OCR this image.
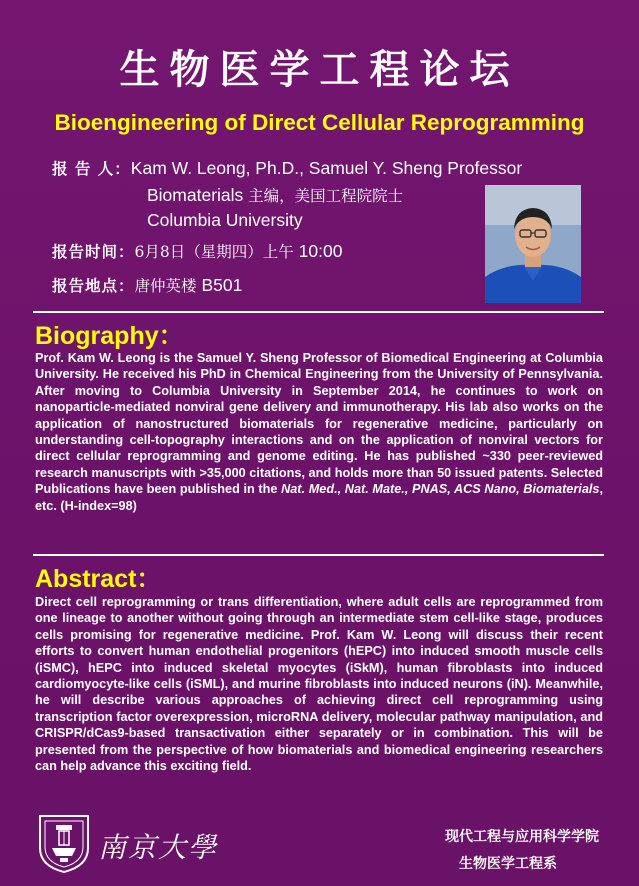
生物医学工程论坛
Bioengineering of Direct Cellular Reprogramming
报 告 人：Kam W. Leong, Ph.D., Samuel Y. Sheng Professor
Biomaterials 主编，美国工程院院士
Columbia University
报告时间：6月8日（星期四）上午 10:00
报告地点：唐仲英楼 B501
Biography：
Prof. Kam W. Leong is the Samuel Y. Sheng Professor of Biomedical Engineering at Columbia University. He received his PhD in Chemical Engineering from the University of Pennsylvania. After moving to Columbia University in September 2014, he continues to work on nanoparticle-mediated nonviral gene delivery and immunotherapy. His lab also works on the application of nanostructured biomaterials for regenerative medicine, particularly on understanding cell-topography interactions and on the application of nonviral vectors for direct cellular reprogramming and genome editing. He has published ~330 peer-reviewed research manuscripts with >35,000 citations, and holds more than 50 issued patents. Selected Publications have been published in the Nat. Med., Nat. Mate., PNAS, ACS Nano, Biomaterials, etc. (H-index=98)
Abstract：
Direct cell reprogramming or trans differentiation, where adult cells are reprogrammed from one lineage to another without going through an intermediate stem cell-like stage, produces cells promising for regenerative medicine. Prof. Kam W. Leong will discuss their recent efforts to convert human endothelial progenitors (hEPC) into induced smooth muscle cells (iSMC), hEPC into induced skeletal myocytes (iSkM), human fibroblasts into induced cardiomyocyte-like cells (iSML), and murine fibroblasts into induced neurons (iN). Meanwhile, he will describe various approaches of achieving direct cell reprogramming using transcription factor overexpression, microRNA delivery, molecular pathway manipulation, and CRISPR/dCas9-based transactivation either separately or in combination. This will be presented from the perspective of how biomaterials and biomedical engineering researchers can help advance this exciting field.
南京大學	现代工程与应用科学学院
生物医学工程系
